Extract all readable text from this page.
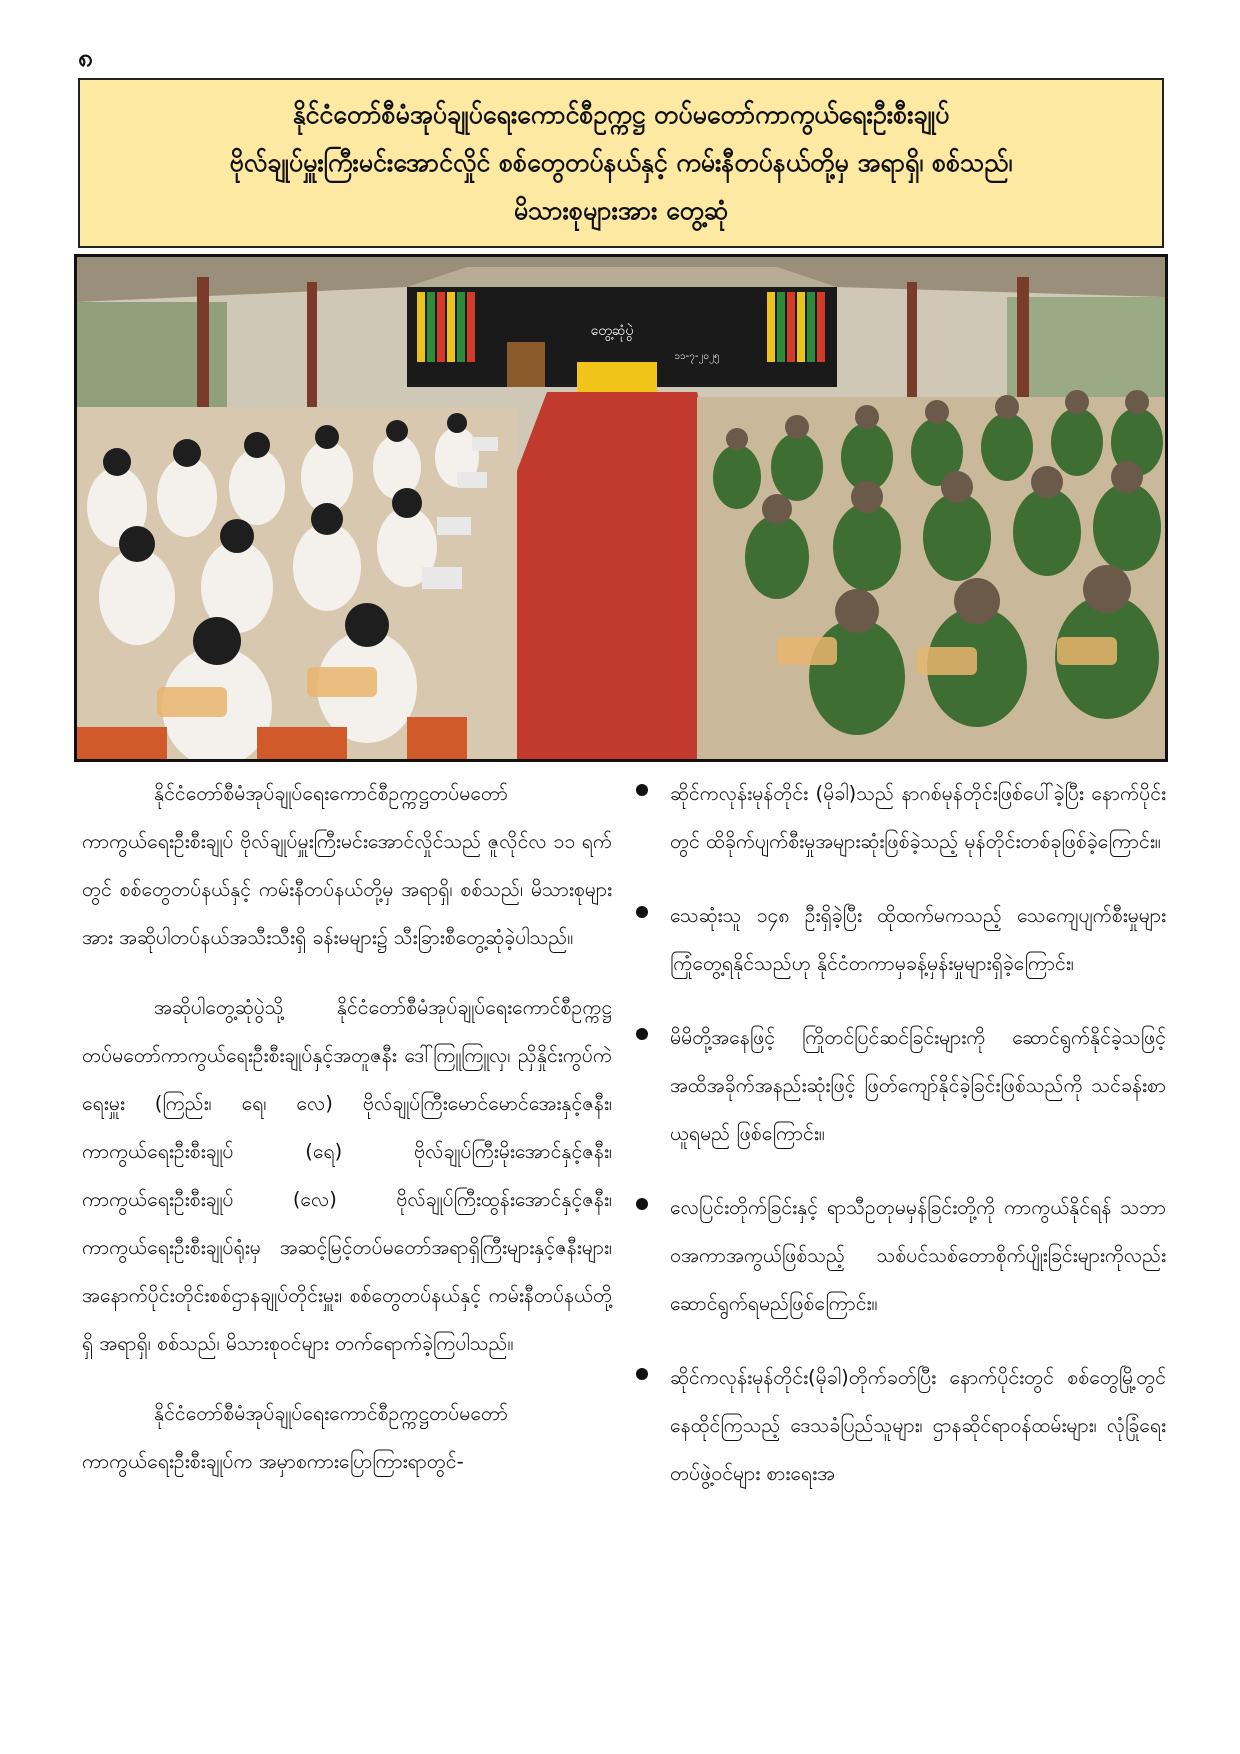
၈
နိုင်ငံတော်စီမံအုပ်ချုပ်ရေးကောင်စီဥက္ကဋ္ဌ တပ်မတော်ကာကွယ်ရေးဦးစီးချုပ်
ဗိုလ်ချုပ်မှူးကြီးမင်းအောင်လှိုင် စစ်တွေတပ်နယ်နှင့် ကမ်းနီတပ်နယ်တို့မှ အရာရှိ၊ စစ်သည်၊
မိသားစုများအား တွေ့ဆုံ
တွေ့ဆုံပွဲ
၁၁-၇-၂၀၂၅

နိုင်ငံတော်စီမံအုပ်ချုပ်ရေးကောင်စီဥက္ကဋ္ဌတပ်မတော်ကာကွယ်ရေးဦးစီးချုပ် ဗိုလ်ချုပ်မှူးကြီးမင်းအောင်လှိုင်သည် ဇူလိုင်လ ၁၁ ရက်တွင် စစ်တွေတပ်နယ်နှင့် ကမ်းနီတပ်နယ်တို့မှ အရာရှိ၊ စစ်သည်၊ မိသားစုများအား အဆိုပါတပ်နယ်အသီးသီးရှိ ခန်းမများ၌ သီးခြားစီတွေ့ဆုံခဲ့ပါသည်။

အဆိုပါတွေ့ဆုံပွဲသို့ နိုင်ငံတော်စီမံအုပ်ချုပ်ရေးကောင်စီဥက္ကဋ္ဌ တပ်မတော်ကာကွယ်ရေးဦးစီးချုပ်နှင့်အတူဇနီး ဒေါ်ကြူကြူလှ၊ ညှိနှိုင်းကွပ်ကဲရေးမှူး (ကြည်း၊ ရေ၊ လေ) ဗိုလ်ချုပ်ကြီးမောင်မောင်အေးနှင့်ဇနီး၊ ကာကွယ်ရေးဦးစီးချုပ် (ရေ) ဗိုလ်ချုပ်ကြီးမိုးအောင်နှင့်ဇနီး၊ ကာကွယ်ရေးဦးစီးချုပ် (လေ) ဗိုလ်ချုပ်ကြီးထွန်းအောင်နှင့်ဇနီး၊ ကာကွယ်ရေးဦးစီးချုပ်ရုံးမှ အဆင့်မြင့်တပ်မတော်အရာရှိကြီးများနှင့်ဇနီးများ၊ အနောက်ပိုင်းတိုင်းစစ်ဌာနချုပ်တိုင်းမှူး၊ စစ်တွေတပ်နယ်နှင့် ကမ်းနီတပ်နယ်တို့ရှိ အရာရှိ၊ စစ်သည်၊ မိသားစုဝင်များ တက်ရောက်ခဲ့ကြပါသည်။

နိုင်ငံတော်စီမံအုပ်ချုပ်ရေးကောင်စီဥက္ကဋ္ဌတပ်မတော်ကာကွယ်ရေးဦးစီးချုပ်က အမှာစကားပြောကြားရာတွင်-

ဆိုင်ကလုန်းမုန်တိုင်း (မိုခါ)သည် နာဂစ်မုန်တိုင်းဖြစ်ပေါ်ခဲ့ပြီး နောက်ပိုင်းတွင် ထိခိုက်ပျက်စီးမှုအများဆုံးဖြစ်ခဲ့သည့် မုန်တိုင်းတစ်ခုဖြစ်ခဲ့ကြောင်း။

သေဆုံးသူ ၁၄၈ ဦးရှိခဲ့ပြီး ထိုထက်မကသည့် သေကျေပျက်စီးမှုများ ကြုံတွေ့ရနိုင်သည်ဟု နိုင်ငံတကာမှခန့်မှန်းမှုများရှိခဲ့ကြောင်း၊

မိမိတို့အနေဖြင့် ကြိုတင်ပြင်ဆင်ခြင်းများကို ဆောင်ရွက်နိုင်ခဲ့သဖြင့် အထိအခိုက်အနည်းဆုံးဖြင့် ဖြတ်ကျော်နိုင်ခဲ့ခြင်းဖြစ်သည်ကို သင်ခန်းစာယူရမည် ဖြစ်ကြောင်း။

လေပြင်းတိုက်ခြင်းနှင့် ရာသီဥတုမမှန်ခြင်းတို့ကို ကာကွယ်နိုင်ရန် သဘာဝအကာအကွယ်ဖြစ်သည့် သစ်ပင်သစ်တောစိုက်ပျိုးခြင်းများကိုလည်း ဆောင်ရွက်ရမည်ဖြစ်ကြောင်း။

ဆိုင်ကလုန်းမုန်တိုင်း(မိုခါ)တိုက်ခတ်ပြီး နောက်ပိုင်းတွင် စစ်တွေမြို့တွင် နေထိုင်ကြသည့် ဒေသခံပြည်သူများ၊ ဌာနဆိုင်ရာဝန်ထမ်းများ၊ လုံခြုံရေးတပ်ဖွဲ့ဝင်များ စားရေးအ
